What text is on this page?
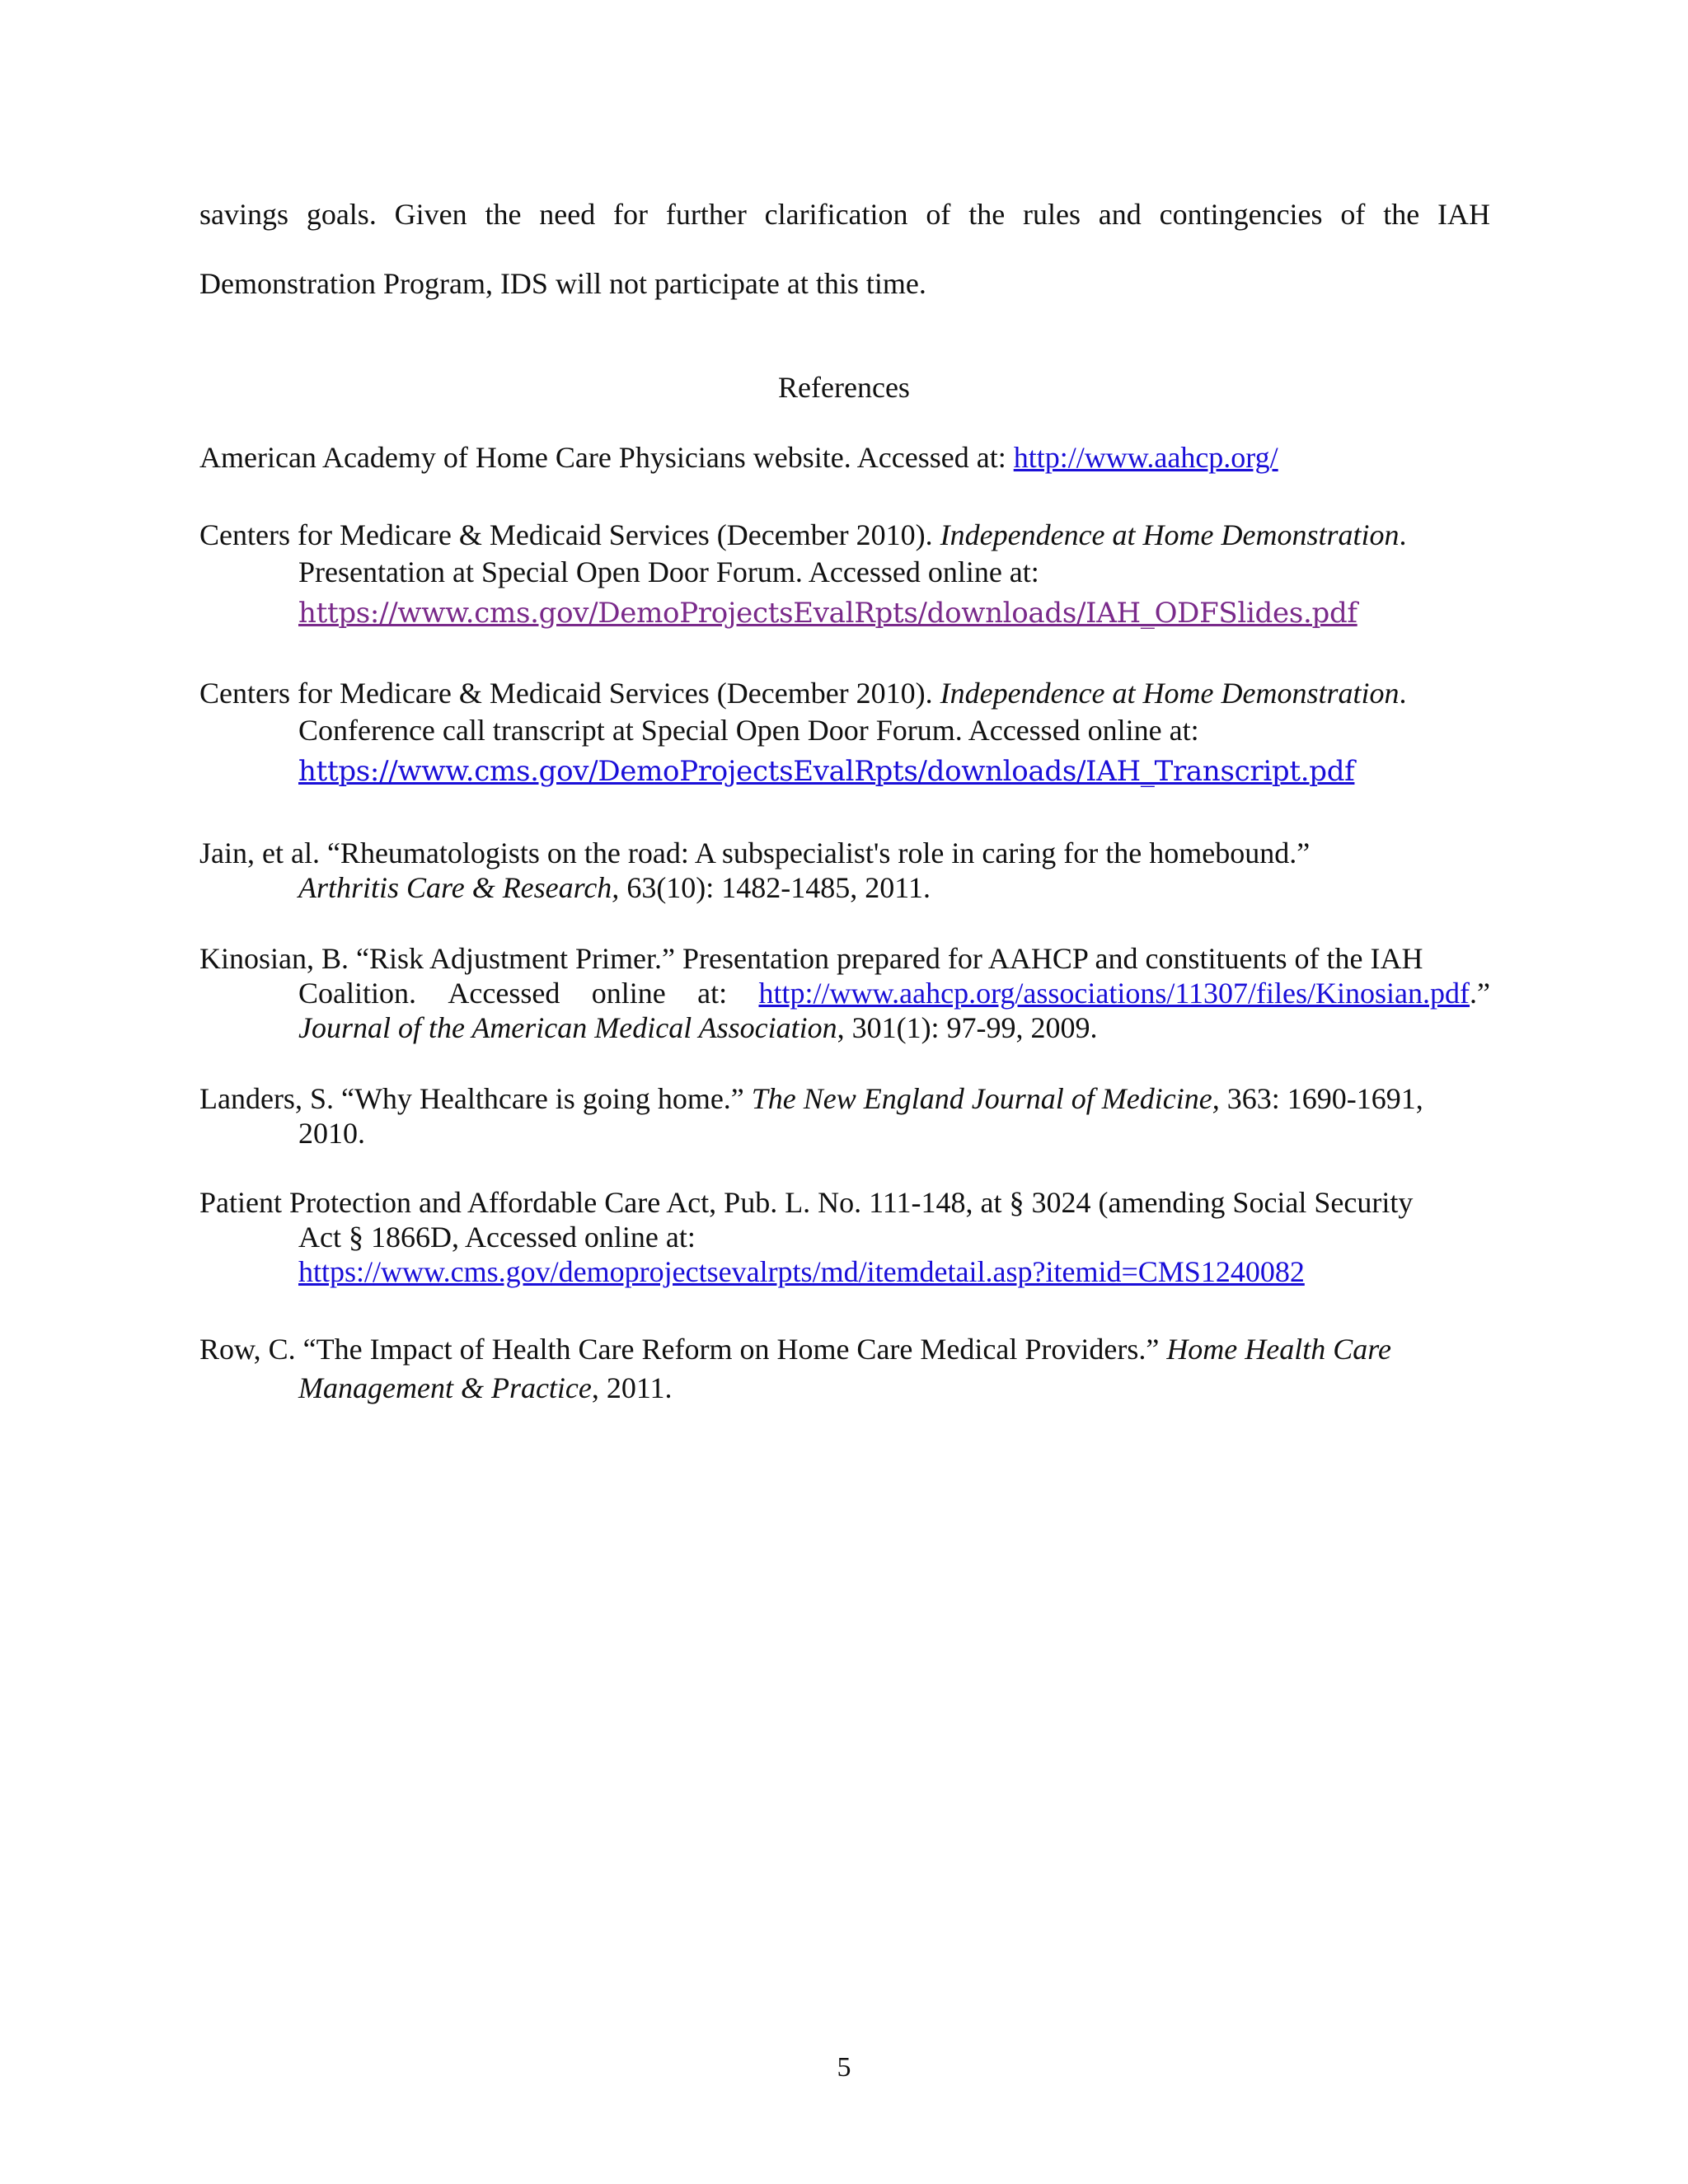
savings goals. Given the need for further clarification of the rules and contingencies of the IAH
Demonstration Program, IDS will not participate at this time.

References

American Academy of Home Care Physicians website. Accessed at: http://www.aahcp.org/
Centers for Medicare & Medicaid Services (December 2010). Independence at Home Demonstration.
Presentation at Special Open Door Forum. Accessed online at:
https://www.cms.gov/DemoProjectsEvalRpts/downloads/IAH_ODFSlides.pdf
Centers for Medicare & Medicaid Services (December 2010). Independence at Home Demonstration.
Conference call transcript at Special Open Door Forum. Accessed online at:
https://www.cms.gov/DemoProjectsEvalRpts/downloads/IAH_Transcript.pdf
Jain, et al. “Rheumatologists on the road: A subspecialist's role in caring for the homebound.”
Arthritis Care & Research, 63(10): 1482-1485, 2011.
Kinosian, B. “Risk Adjustment Primer.” Presentation prepared for AAHCP and constituents of the IAH
Coalition. Accessed online at: http://www.aahcp.org/associations/11307/files/Kinosian.pdf.”
Journal of the American Medical Association, 301(1): 97-99, 2009.
Landers, S. “Why Healthcare is going home.” The New England Journal of Medicine, 363: 1690-1691,
2010.
Patient Protection and Affordable Care Act, Pub. L. No. 111-148, at § 3024 (amending Social Security
Act § 1866D, Accessed online at:
https://www.cms.gov/demoprojectsevalrpts/md/itemdetail.asp?itemid=CMS1240082
Row, C. “The Impact of Health Care Reform on Home Care Medical Providers.” Home Health Care
Management & Practice, 2011.
5
